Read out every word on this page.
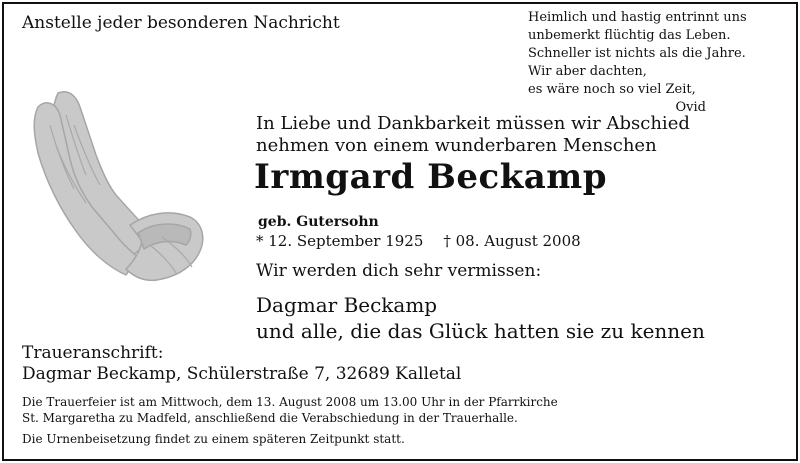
Anstelle jeder besonderen Nachricht	Heimlich und hastig entrinnt uns
unbemerkt flüchtig das Leben.
Schneller ist nichts als die Jahre.
Wir aber dachten,
es wäre noch so viel Zeit,
Ovid
In Liebe und Dankbarkeit müssen wir Abschied
nehmen von einem wunderbaren Menschen
Irmgard Beckamp
geb. Gutersohn
* 12. September 1925 † 08. August 2008
Wir werden dich sehr vermissen:
Dagmar Beckamp
und alle, die das Glück hatten sie zu kennen
Traueranschrift:
Dagmar Beckamp, Schülerstraße 7, 32689 Kalletal
Die Trauerfeier ist am Mittwoch, dem 13. August 2008 um 13.00 Uhr in der Pfarrkirche
St. Margaretha zu Madfeld, anschließend die Verabschiedung in der Trauerhalle.
Die Urnenbeisetzung findet zu einem späteren Zeitpunkt statt.
